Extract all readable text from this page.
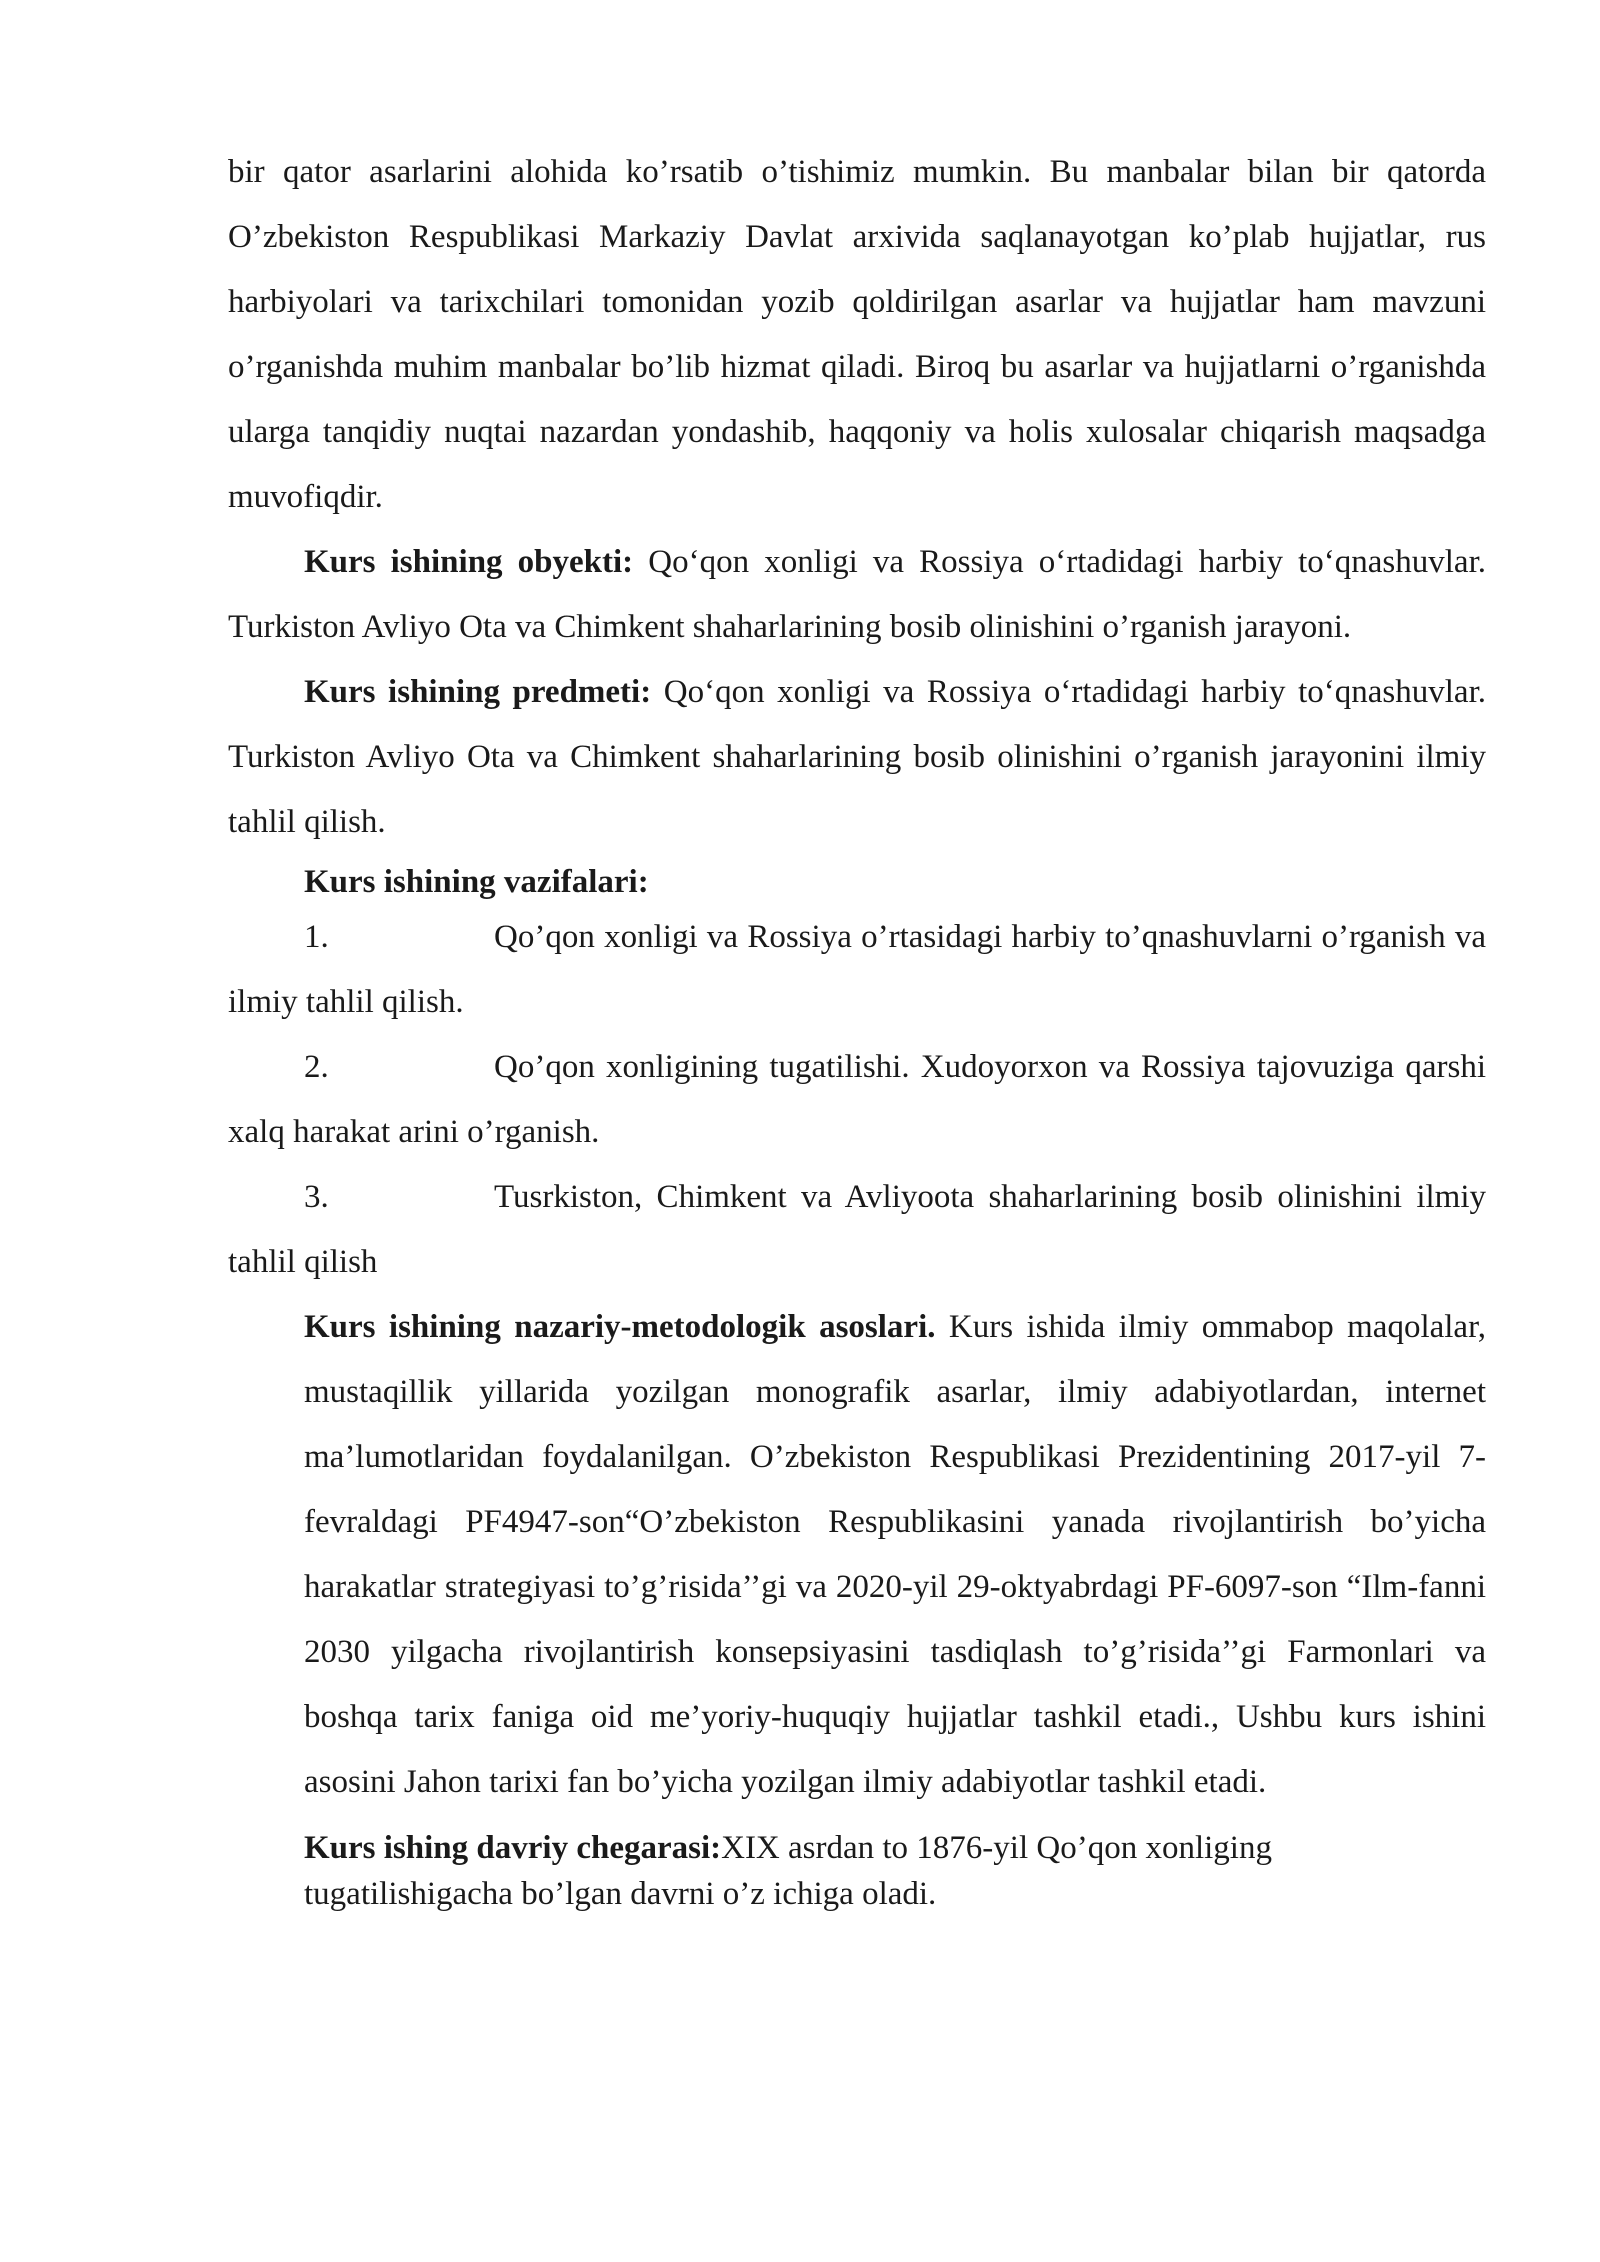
bir qator asarlarini alohida ko’rsatib o’tishimiz mumkin. Bu manbalar bilan bir qatorda O’zbekiston Respublikasi Markaziy Davlat arxivida saqlanayotgan ko’plab hujjatlar, rus harbiyolari va tarixchilari tomonidan yozib qoldirilgan asarlar va hujjatlar ham mavzuni o’rganishda muhim manbalar bo’lib hizmat qiladi. Biroq bu asarlar va hujjatlarni o’rganishda ularga tanqidiy nuqtai nazardan yondashib, haqqoniy va holis xulosalar chiqarish maqsadga muvofiqdir.

Kurs ishining obyekti: Qo‘qon xonligi va Rossiya o‘rtadidagi harbiy to‘qnashuvlar. Turkiston Avliyo Ota va Chimkent shaharlarining bosib olinishini o’rganish jarayoni.

Kurs ishining predmeti: Qo‘qon xonligi va Rossiya o‘rtadidagi harbiy to‘qnashuvlar. Turkiston Avliyo Ota va Chimkent shaharlarining bosib olinishini o’rganish jarayonini ilmiy tahlil qilish.

Kurs ishining vazifalari:

1.	Qo’qon xonligi va Rossiya o’rtasidagi harbiy to’qnashuvlarni o’rganish va ilmiy tahlil qilish.

2.	Qo’qon xonligining tugatilishi. Xudoyorxon va Rossiya tajovuziga qarshi xalq harakat arini o’rganish.

3.	Tusrkiston, Chimkent va Avliyoota shaharlarining bosib olinishini ilmiy tahlil qilish

Kurs ishining nazariy-metodologik asoslari. Kurs ishida ilmiy ommabop maqolalar, mustaqillik yillarida yozilgan monografik asarlar, ilmiy adabiyotlardan, internet ma’lumotlaridan foydalanilgan. O’zbekiston Respublikasi Prezidentining 2017-yil 7-fevraldagi PF4947-son“O’zbekiston Respublikasini yanada rivojlantirish bo’yicha harakatlar strategiyasi to’g’risida’’gi va 2020-yil 29-oktyabrdagi PF-6097-son “Ilm-fanni 2030 yilgacha rivojlantirish konsepsiyasini tasdiqlash to’g’risida’’gi Farmonlari va boshqa tarix faniga oid me’yoriy-huquqiy hujjatlar tashkil etadi., Ushbu kurs ishini asosini Jahon tarixi fan bo’yicha yozilgan ilmiy adabiyotlar tashkil etadi.

Kurs ishing davriy chegarasi:XIX asrdan to 1876-yil Qo’qon xonliging tugatilishigacha bo’lgan davrni o’z ichiga oladi.
